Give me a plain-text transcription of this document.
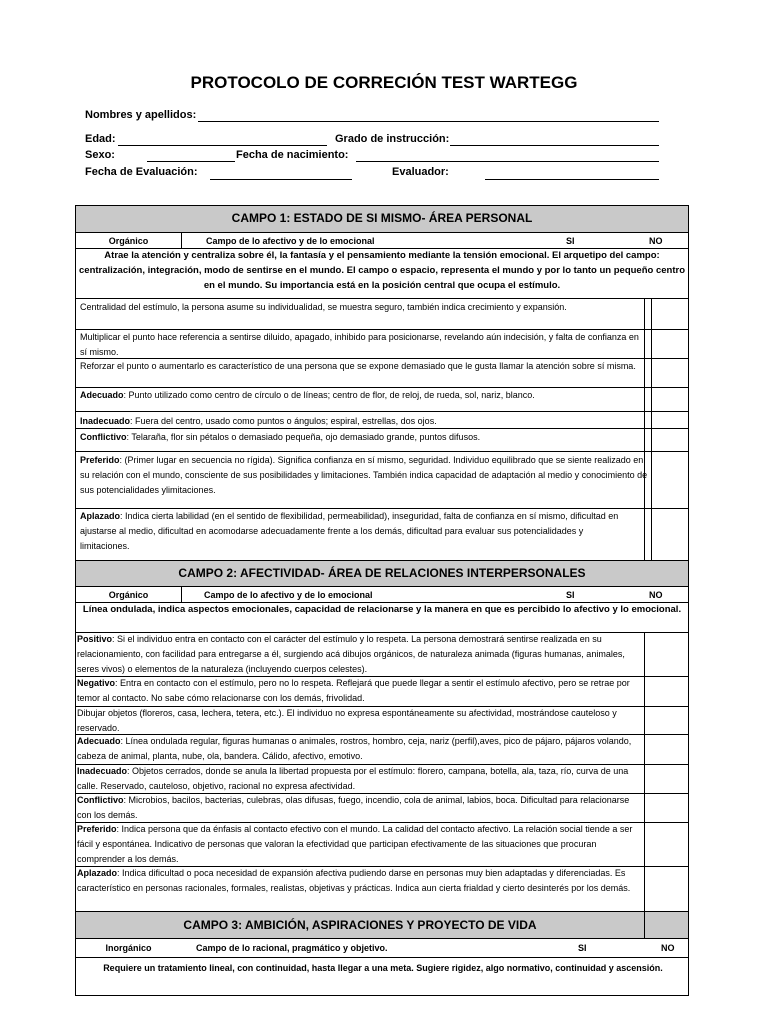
PROTOCOLO DE CORRECIÓN TEST WARTEGG
Nombres y apellidos:
Edad:	Grado de instrucción:
Sexo:	Fecha de nacimiento:
Fecha de Evaluación:	Evaluador:
CAMPO 1: ESTADO DE SI MISMO- ÁREA PERSONAL
Orgánico	Campo de lo afectivo y de lo emocional	SI	NO
Atrae la atención y centraliza sobre él, la fantasía y el pensamiento mediante la tensión emocional. El arquetipo del campo: centralización, integración, modo de sentirse en el mundo. El campo o espacio, representa el mundo y por lo tanto un pequeño centro en el mundo. Su importancia está en la posición central que ocupa el estímulo.
Centralidad del estímulo, la persona asume su individualidad, se muestra seguro, también indica crecimiento y expansión.
Multiplicar el punto hace referencia a sentirse diluido, apagado, inhibido para posicionarse, revelando aún indecisión, y falta de confianza en sí mismo.
Reforzar el punto o aumentarlo es característico de una persona que se expone demasiado que le gusta llamar la atención sobre sí misma.
Adecuado: Punto utilizado como centro de círculo o de líneas; centro de flor, de reloj, de rueda, sol, nariz, blanco.
Inadecuado: Fuera del centro, usado como puntos o ángulos; espiral, estrellas, dos ojos.
Conflictivo: Telaraña, flor sin pétalos o demasiado pequeña, ojo demasiado grande, puntos difusos.
Preferido: (Primer lugar en secuencia no rígida). Significa confianza en sí mismo, seguridad. Individuo equilibrado que se siente realizado en su relación con el mundo, consciente de sus posibilidades y limitaciones. También indica capacidad de adaptación al medio y conocimiento de sus potencialidades ylimitaciones.
Aplazado: Indica cierta labilidad (en el sentido de flexibilidad, permeabilidad), inseguridad, falta de confianza en sí mismo, dificultad en ajustarse al medio, dificultad en acomodarse adecuadamente frente a los demás, dificultad para evaluar sus potencialidades y limitaciones.
CAMPO 2: AFECTIVIDAD- ÁREA DE RELACIONES INTERPERSONALES
Orgánico	Campo de lo afectivo y de lo emocional	SI	NO
Línea ondulada, indica aspectos emocionales, capacidad de relacionarse y la manera en que es percibido lo afectivo y lo emocional.
Positivo: Si el individuo entra en contacto con el carácter del estímulo y lo respeta. La persona demostrará sentirse realizada en su relacionamiento, con facilidad para entregarse a él, surgiendo acá dibujos orgánicos, de naturaleza animada (figuras humanas, animales, seres vivos) o elementos de la naturaleza (incluyendo cuerpos celestes).
Negativo: Entra en contacto con el estímulo, pero no lo respeta. Reflejará que puede llegar a sentir el estímulo afectivo, pero se retrae por temor al contacto. No sabe cómo relacionarse con los demás, frivolidad.
Dibujar objetos (floreros, casa, lechera, tetera, etc.). El individuo no expresa espontáneamente su afectividad, mostrándose cauteloso y reservado.
Adecuado: Línea ondulada regular, figuras humanas o animales, rostros, hombro, ceja, nariz (perfil),aves, pico de pájaro, pájaros volando, cabeza de animal, planta, nube, ola, bandera. Cálido, afectivo, emotivo.
Inadecuado: Objetos cerrados, donde se anula la libertad propuesta por el estímulo: florero, campana, botella, ala, taza, río, curva de una calle. Reservado, cauteloso, objetivo, racional no expresa afectividad.
Conflictivo: Microbios, bacilos, bacterias, culebras, olas difusas, fuego, incendio, cola de animal, labios, boca. Dificultad para relacionarse con los demás.
Preferido: Indica persona que da énfasis al contacto efectivo con el mundo. La calidad del contacto afectivo. La relación social tiende a ser fácil y espontánea. Indicativo de personas que valoran la efectividad que participan efectivamente de las situaciones que procuran comprender a los demás.
Aplazado: Indica dificultad o poca necesidad de expansión afectiva pudiendo darse en personas muy bien adaptadas y diferenciadas. Es característico en personas racionales, formales, realistas, objetivas y prácticas. Indica aun cierta frialdad y cierto desinterés por los demás.
CAMPO 3: AMBICIÓN, ASPIRACIONES Y PROYECTO DE VIDA
Inorgánico	Campo de lo racional, pragmático y objetivo.	SI	NO
Requiere un tratamiento lineal, con continuidad, hasta llegar a una meta. Sugiere rigidez, algo normativo, continuidad y ascensión.
